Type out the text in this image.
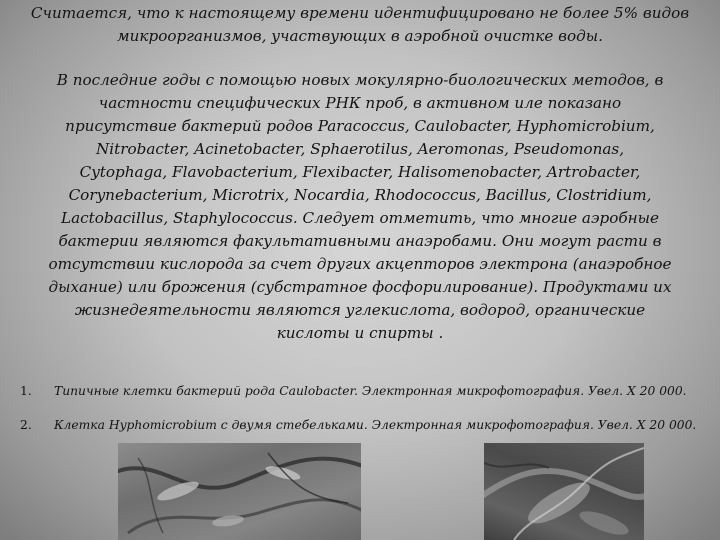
Считается, что к настоящему времени идентифицировано не более 5% видов
микроорганизмов, участвующих в аэробной очистке воды.
В последние годы с помощью новых мокулярно-биологических методов, в
частности специфических РНК проб, в активном иле показано
присутствие бактерий родов Paracoccus, Caulobacter, Hyphomicrobium,
Nitrobacter, Acinetobacter, Sphaerotilus, Aeromonas, Pseudomonas,
Cytophaga, Flavobacterium, Flexibacter, Halisomenobacter, Artrobacter,
Corynebacterium, Microtrix, Nocardia, Rhodococcus, Bacillus, Clostridium,
Lactobacillus, Staphylococcus. Следует отметить, что многие аэробные
бактерии являются факультативными анаэробами. Они могут расти в
отсутствии кислорода за счет других акцепторов электрона (анаэробное
дыхание) или брожения (субстратное фосфорилирование). Продуктами их
жизнедеятельности являются углекислота, водород, органические
кислоты и спирты .
1. Типичные клетки бактерий рода Caulobacter. Электронная микрофотография. Увел. Х 20 000.
2. Клетка Hyphomicrobium с двумя стебельками. Электронная микрофотография. Увел. Х 20 000.
